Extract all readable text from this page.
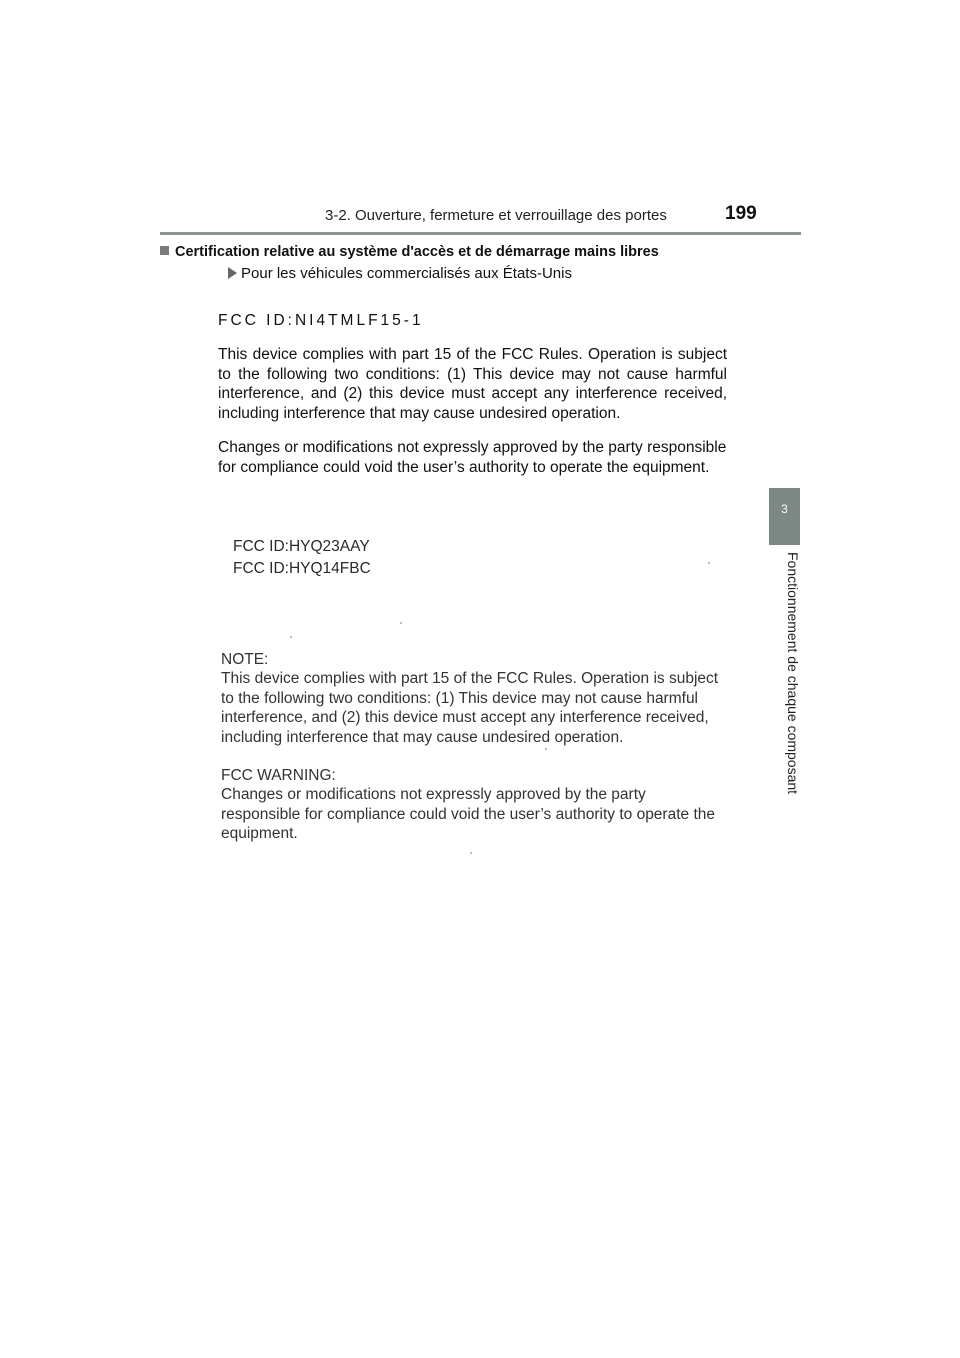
3-2. Ouverture, fermeture et verrouillage des portes	199
3
Fonctionnement de chaque composant
Certification relative au système d'accès et de démarrage mains libres
Pour les véhicules commercialisés aux États-Unis
FCC ID:NI4TMLF15-1

This device complies with part 15 of the FCC Rules. Operation is subject to the following two conditions: (1) This device may not cause harmful interference, and (2) this device must accept any interference received, including interference that may cause undesired operation.

Changes or modifications not expressly approved by the party responsible for compliance could void the user’s authority to operate the equipment.

FCC ID:HYQ23AAY
FCC ID:HYQ14FBC

NOTE:

This device complies with part 15 of the FCC Rules. Operation is subject to the following two conditions: (1) This device may not cause harmful interference, and (2) this device must accept any interference received, including interference that may cause undesired operation.

FCC WARNING:

Changes or modifications not expressly approved by the party responsible for compliance could void the user’s authority to operate the equipment.
